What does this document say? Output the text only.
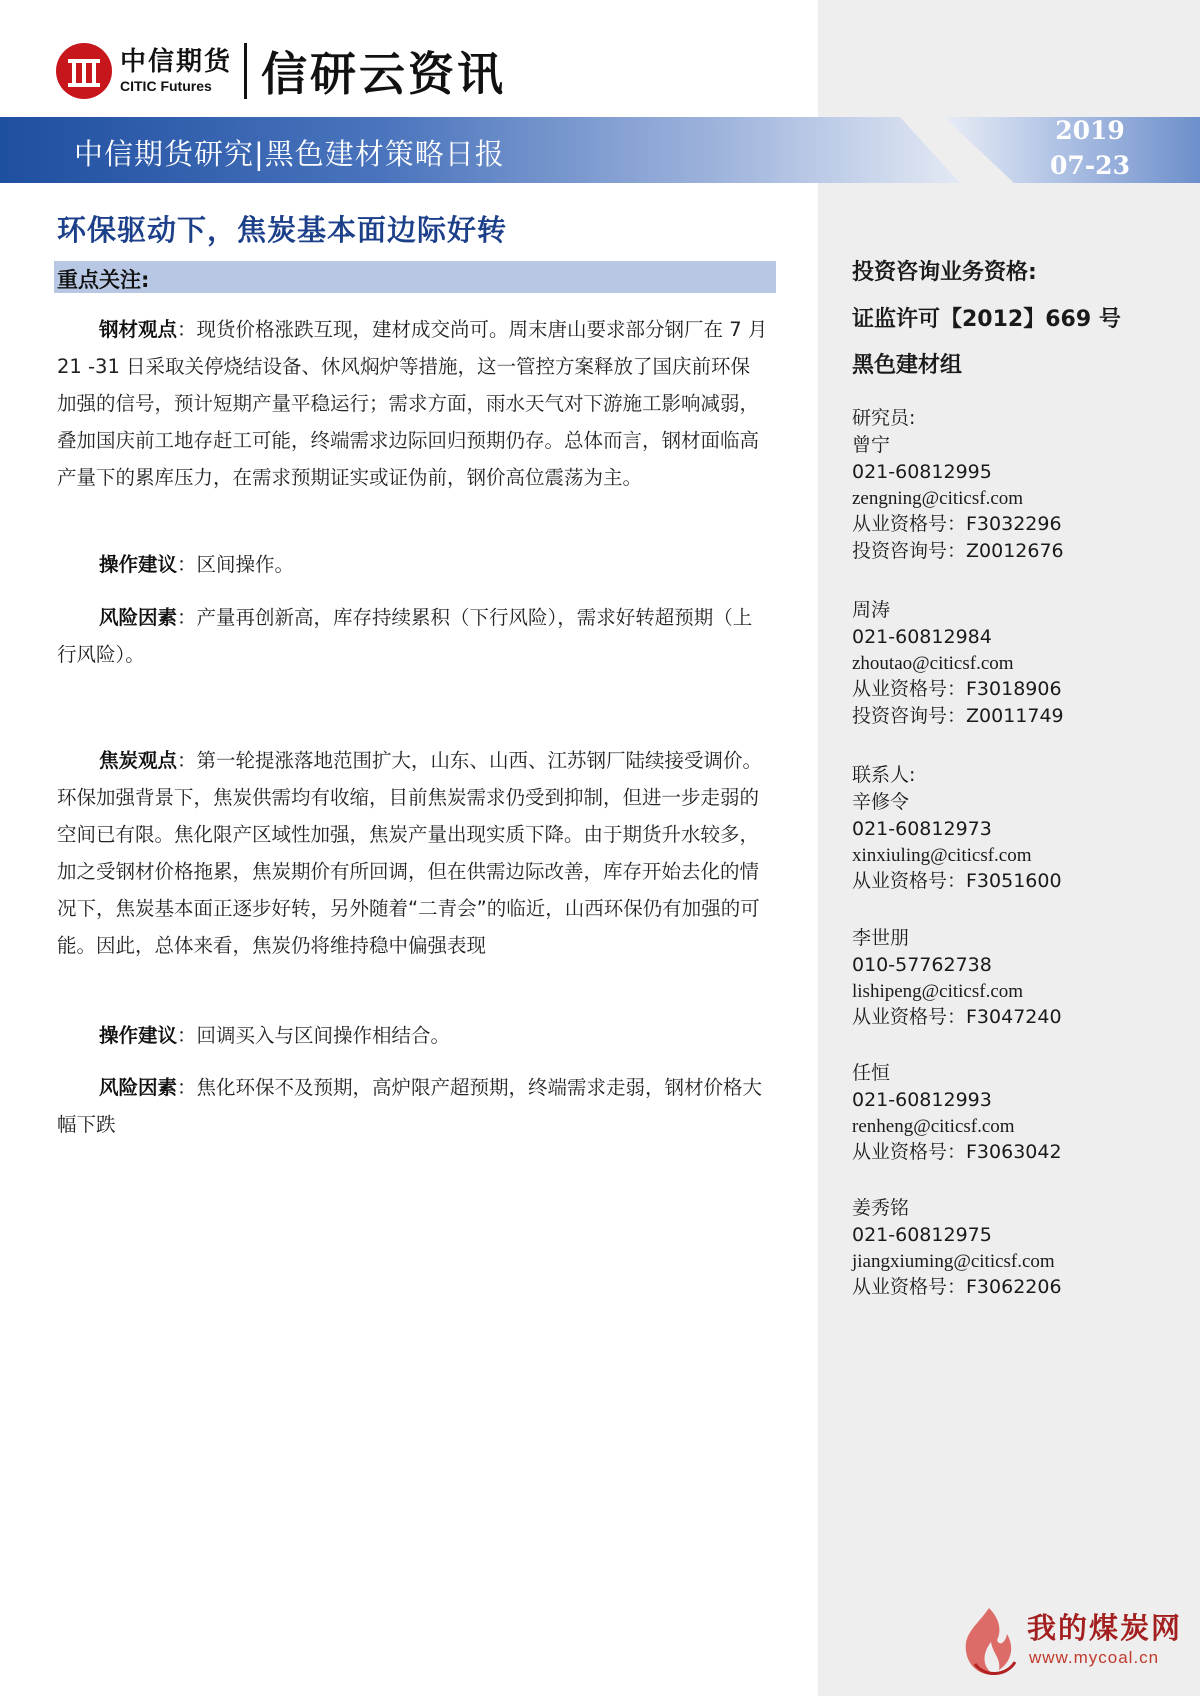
中信期货
CITIC Futures	信研云资讯
中信期货研究|黑色建材策略日报
2019
07-23
环保驱动下，焦炭基本面边际好转
重点关注:

钢材观点：现货价格涨跌互现，建材成交尚可。周末唐山要求部分钢厂在 7 月 21 -31 日采取关停烧结设备、休风焖炉等措施，这一管控方案释放了国庆前环保加强的信号，预计短期产量平稳运行；需求方面，雨水天气对下游施工影响减弱，叠加国庆前工地存赶工可能，终端需求边际回归预期仍存。总体而言，钢材面临高产量下的累库压力，在需求预期证实或证伪前，钢价高位震荡为主。

操作建议：区间操作。

风险因素：产量再创新高，库存持续累积（下行风险），需求好转超预期（上行风险）。

焦炭观点：第一轮提涨落地范围扩大，山东、山西、江苏钢厂陆续接受调价。环保加强背景下，焦炭供需均有收缩，目前焦炭需求仍受到抑制，但进一步走弱的空间已有限。焦化限产区域性加强，焦炭产量出现实质下降。由于期货升水较多，加之受钢材价格拖累，焦炭期价有所回调，但在供需边际改善，库存开始去化的情况下，焦炭基本面正逐步好转，另外随着“二青会”的临近，山西环保仍有加强的可能。因此，总体来看，焦炭仍将维持稳中偏强表现

操作建议：回调买入与区间操作相结合。

风险因素：焦化环保不及预期，高炉限产超预期，终端需求走弱，钢材价格大幅下跌

投资咨询业务资格:
证监许可【2012】669 号
黑色建材组
研究员:
曾宁
021-60812995
zengning@citicsf.com
从业资格号：F3032296
投资咨询号：Z0012676
周涛
021-60812984
zhoutao@citicsf.com
从业资格号：F3018906
投资咨询号：Z0011749
联系人:
辛修令
021-60812973
xinxiuling@citicsf.com
从业资格号：F3051600
李世朋
010-57762738
lishipeng@citicsf.com
从业资格号：F3047240
任恒
021-60812993
renheng@citicsf.com
从业资格号：F3063042
姜秀铭
021-60812975
jiangxiuming@citicsf.com
从业资格号：F3062206
我的煤炭网
www.mycoal.cn
